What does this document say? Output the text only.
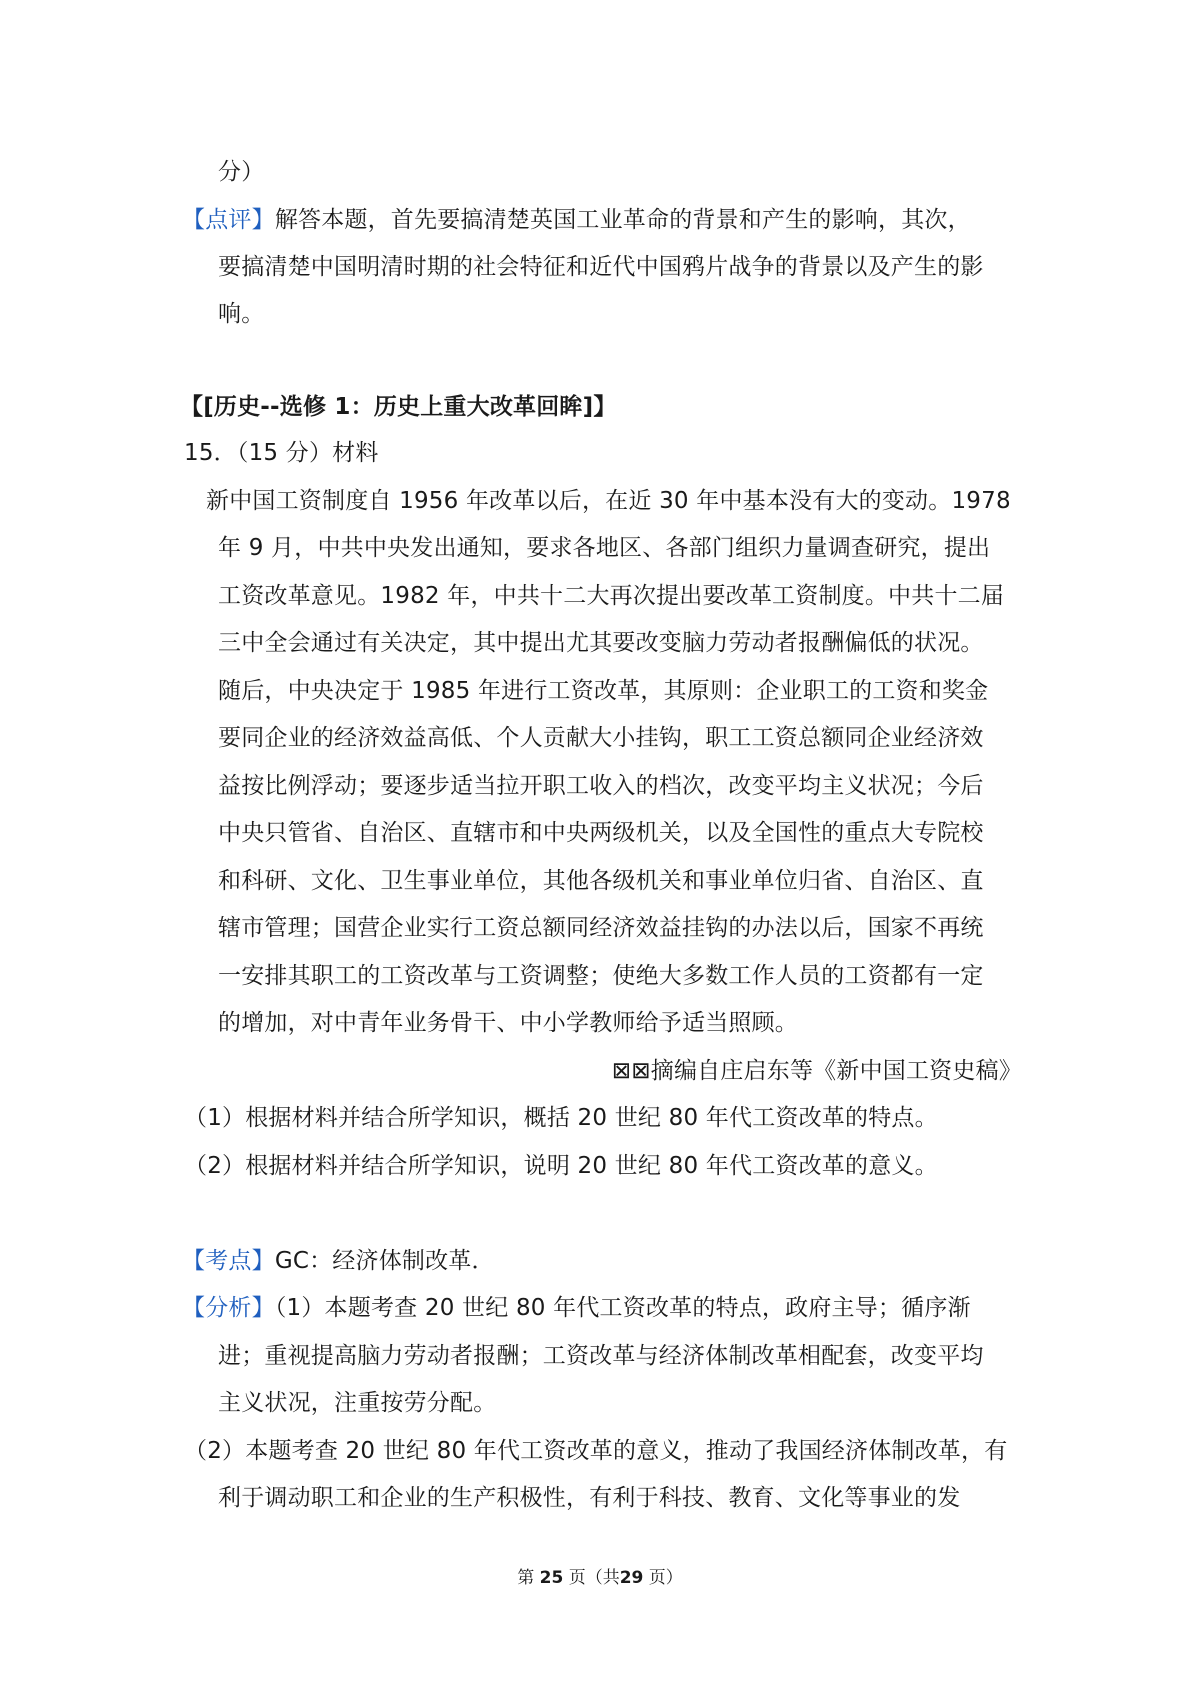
分）
【点评】解答本题，首先要搞清楚英国工业革命的背景和产生的影响，其次，
要搞清楚中国明清时期的社会特征和近代中国鸦片战争的背景以及产生的影
响。
【[历史--选修 1：历史上重大改革回眸]】
15．（15 分）材料
新中国工资制度自 1956 年改革以后，在近 30 年中基本没有大的变动。1978
年 9 月，中共中央发出通知，要求各地区、各部门组织力量调查研究，提出
工资改革意见。1982 年，中共十二大再次提出要改革工资制度。中共十二届
三中全会通过有关决定，其中提出尤其要改变脑力劳动者报酬偏低的状况。
随后，中央决定于 1985 年进行工资改革，其原则：企业职工的工资和奖金
要同企业的经济效益高低、个人贡献大小挂钩，职工工资总额同企业经济效
益按比例浮动；要逐步适当拉开职工收入的档次，改变平均主义状况；今后
中央只管省、自治区、直辖市和中央两级机关，以及全国性的重点大专院校
和科研、文化、卫生事业单位，其他各级机关和事业单位归省、自治区、直
辖市管理；国营企业实行工资总额同经济效益挂钩的办法以后，国家不再统
一安排其职工的工资改革与工资调整；使绝大多数工作人员的工资都有一定
的增加，对中青年业务骨干、中小学教师给予适当照顾。
⊠⊠摘编自庄启东等《新中国工资史稿》
（1）根据材料并结合所学知识，概括 20 世纪 80 年代工资改革的特点。
（2）根据材料并结合所学知识，说明 20 世纪 80 年代工资改革的意义。
【考点】GC：经济体制改革．
【分析】（1）本题考查 20 世纪 80 年代工资改革的特点，政府主导；循序渐
进；重视提高脑力劳动者报酬；工资改革与经济体制改革相配套，改变平均
主义状况，注重按劳分配。
（2）本题考查 20 世纪 80 年代工资改革的意义，推动了我国经济体制改革，有
利于调动职工和企业的生产积极性，有利于科技、教育、文化等事业的发
第 25 页（共29 页）
